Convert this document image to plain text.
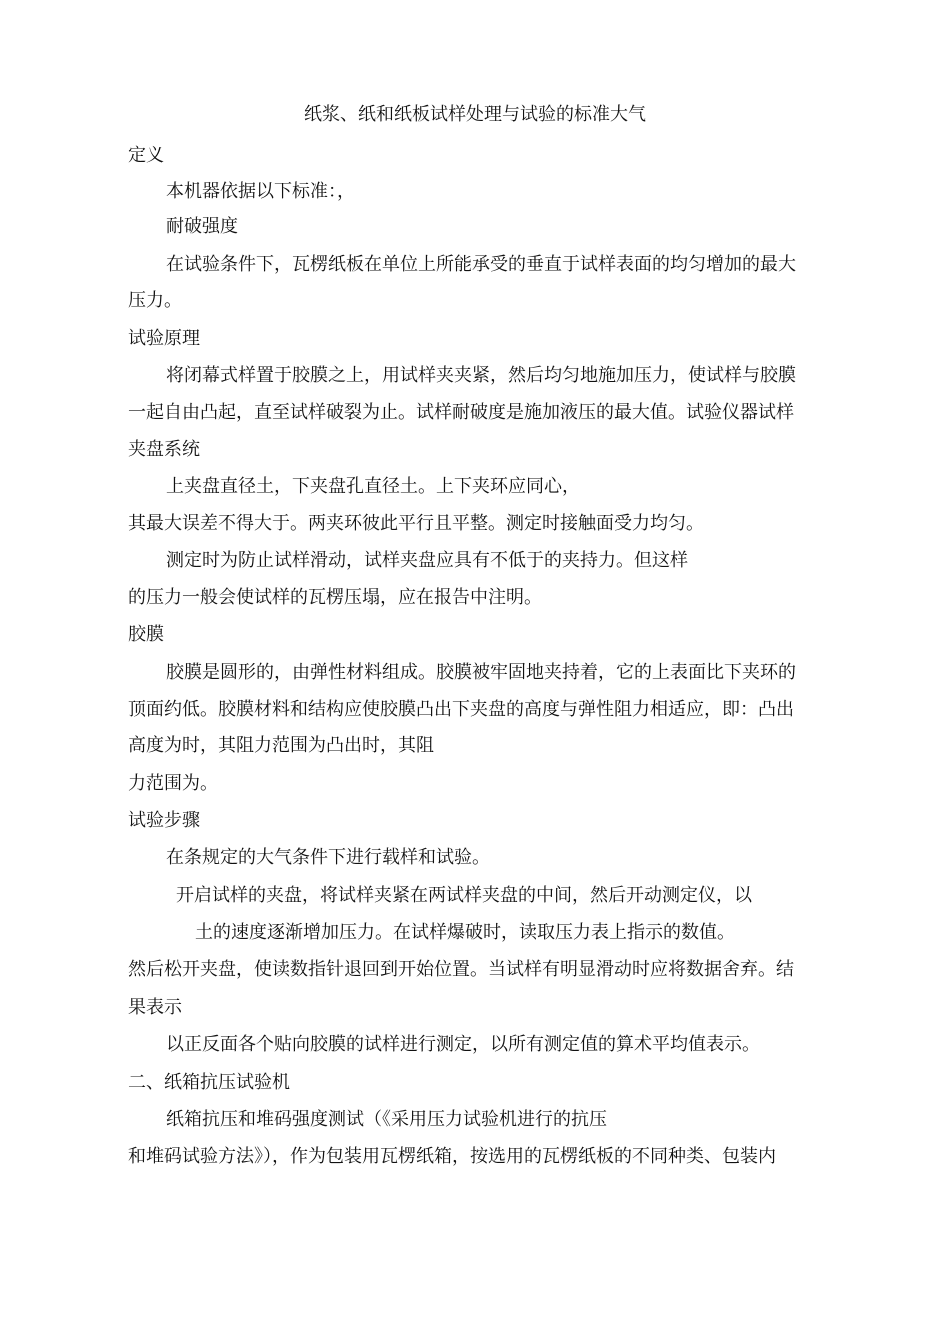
纸浆、纸和纸板试样处理与试验的标准大气
定义
本机器依据以下标准：，
耐破强度
在试验条件下，瓦楞纸板在单位上所能承受的垂直于试样表面的均匀增加的最大
压力。
试验原理
将闭幕式样置于胶膜之上，用试样夹夹紧，然后均匀地施加压力，使试样与胶膜
一起自由凸起，直至试样破裂为止。试样耐破度是施加液压的最大值。试验仪器试样
夹盘系统
上夹盘直径土，下夹盘孔直径土。上下夹环应同心，
其最大误差不得大于。两夹环彼此平行且平整。测定时接触面受力均匀。
测定时为防止试样滑动，试样夹盘应具有不低于的夹持力。但这样
的压力一般会使试样的瓦楞压塌，应在报告中注明。
胶膜
胶膜是圆形的，由弹性材料组成。胶膜被牢固地夹持着，它的上表面比下夹环的
顶面约低。胶膜材料和结构应使胶膜凸出下夹盘的高度与弹性阻力相适应，即：凸出
高度为时，其阻力范围为凸出时，其阻
力范围为。
试验步骤
在条规定的大气条件下进行载样和试验。
开启试样的夹盘，将试样夹紧在两试样夹盘的中间，然后开动测定仪，以
土的速度逐渐增加压力。在试样爆破时，读取压力表上指示的数值。
然后松开夹盘，使读数指针退回到开始位置。当试样有明显滑动时应将数据舍弃。结
果表示
以正反面各个贴向胶膜的试样进行测定，以所有测定值的算术平均值表示。
二、纸箱抗压试验机
纸箱抗压和堆码强度测试（《采用压力试验机进行的抗压
和堆码试验方法》），作为包装用瓦楞纸箱，按选用的瓦楞纸板的不同种类、包装内
